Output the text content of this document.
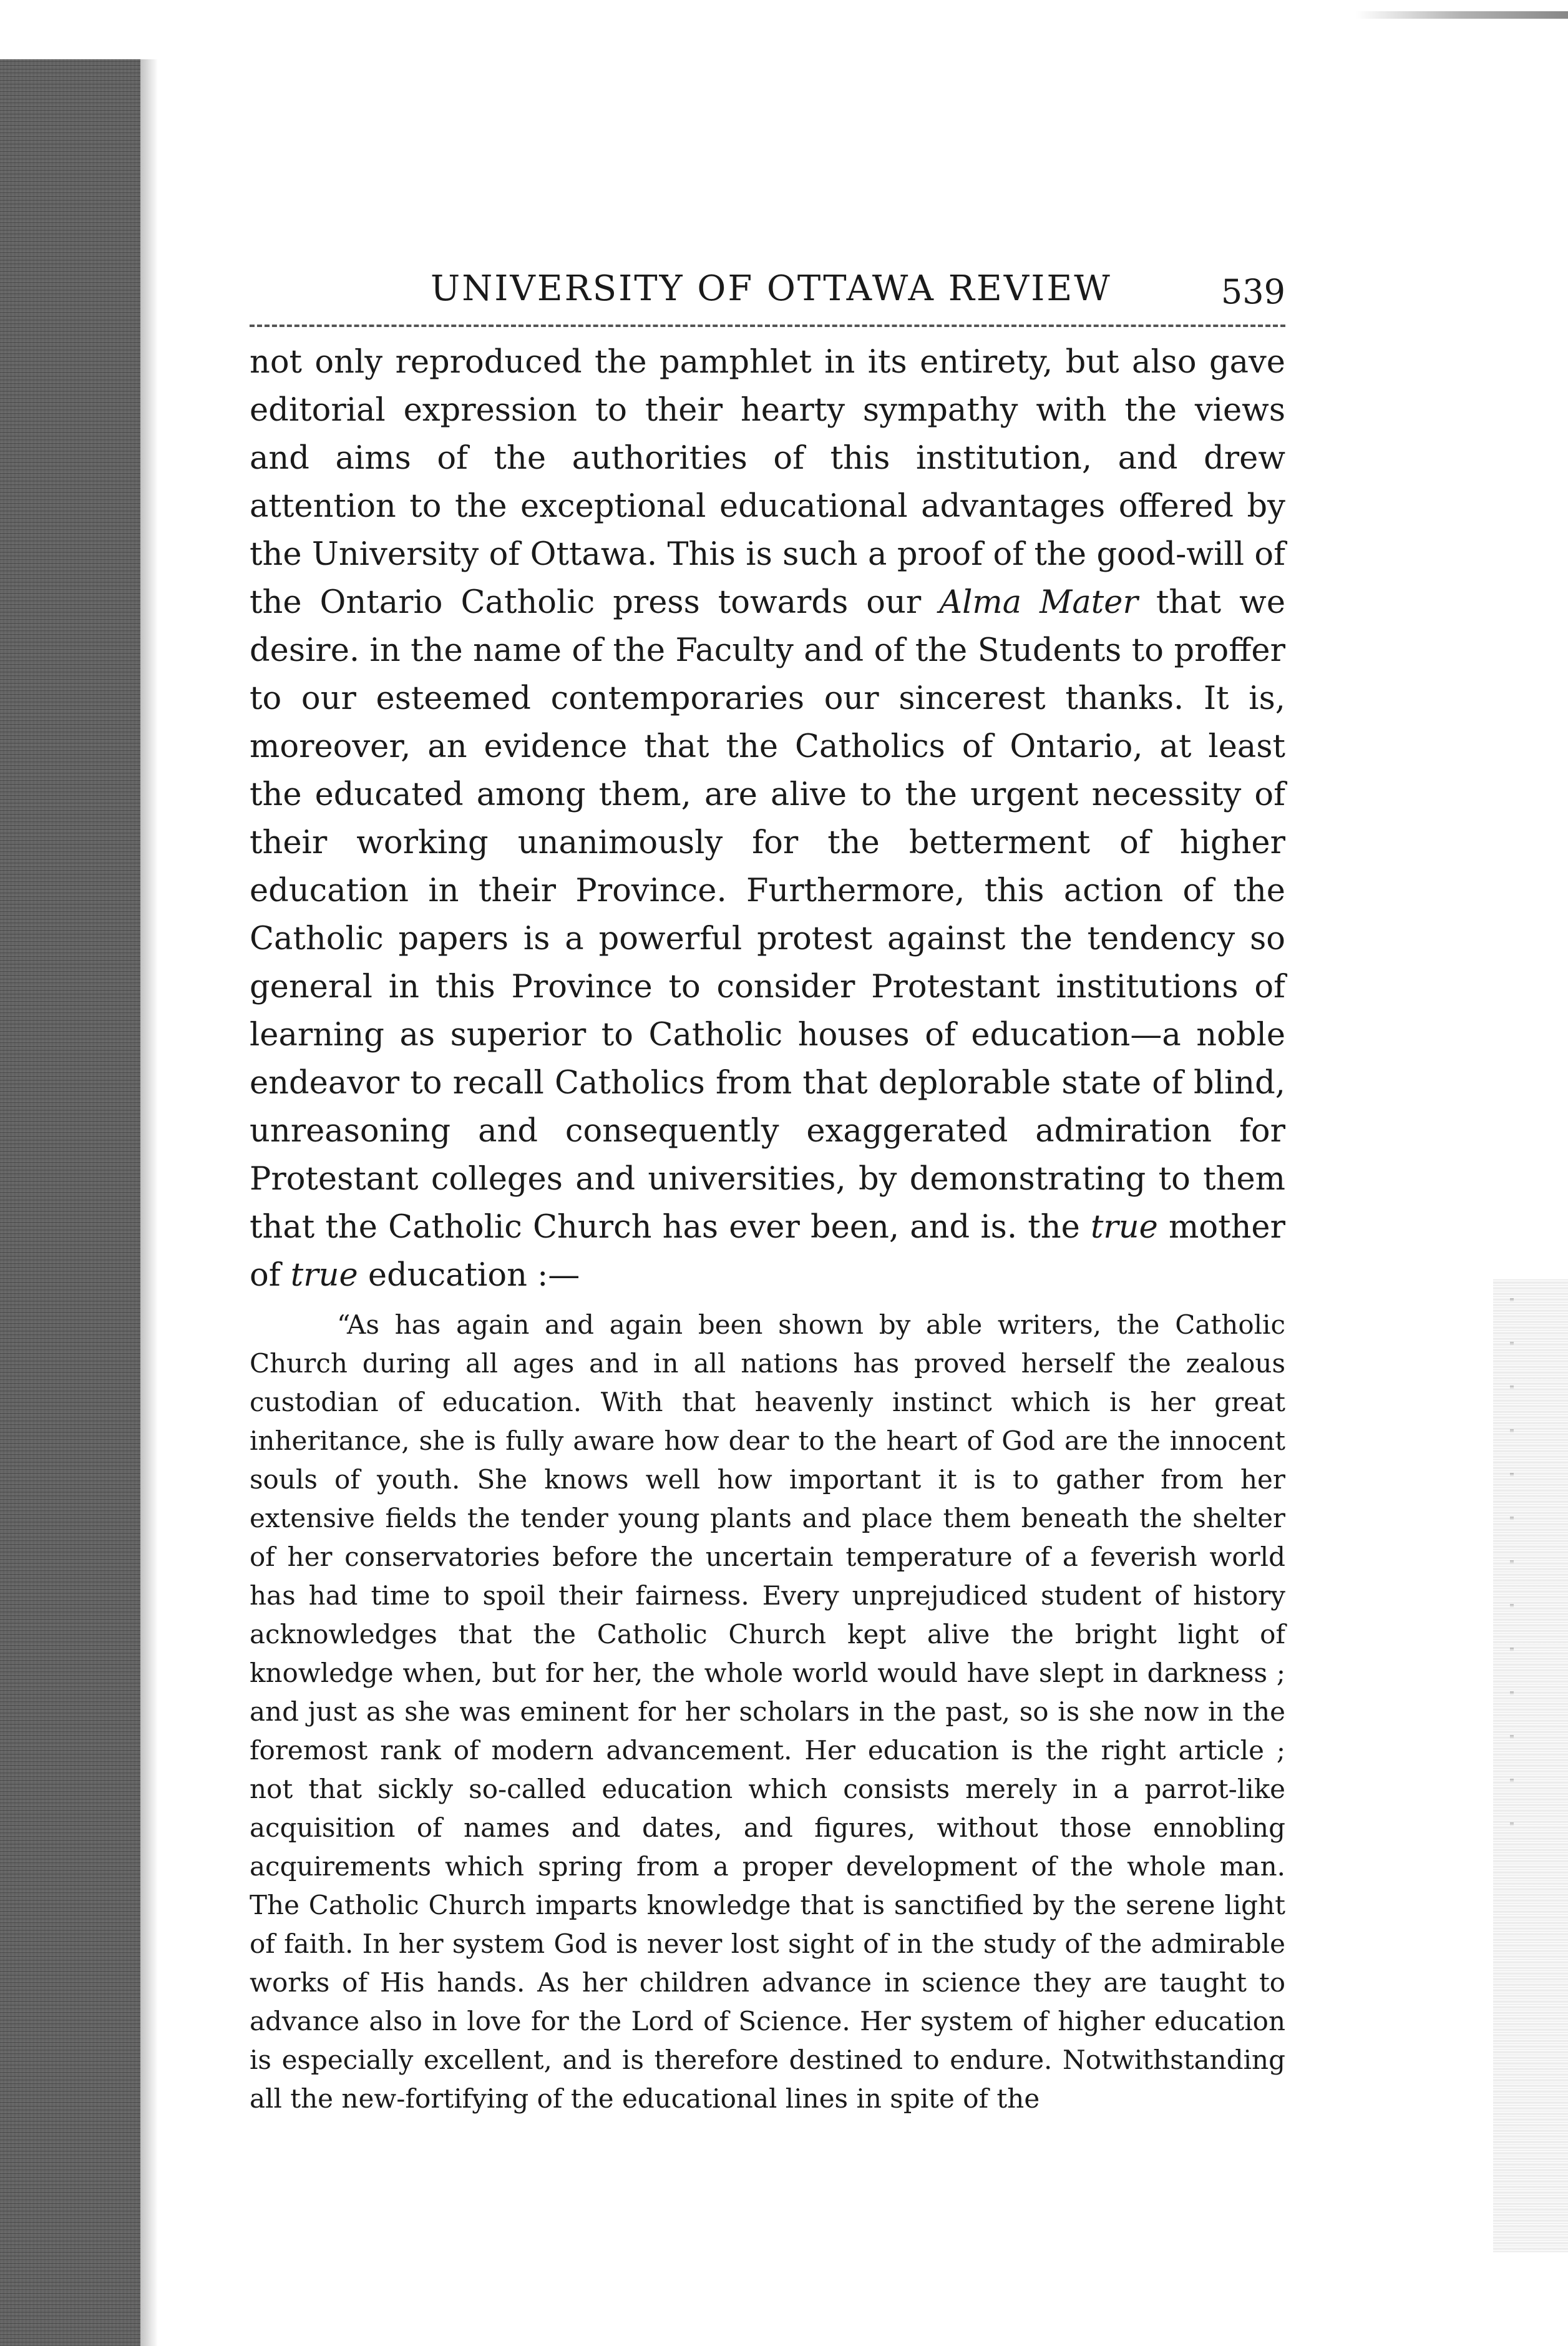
UNIVERSITY OF OTTAWA REVIEW	539

not only reproduced the pamphlet in its entirety, but also gave editorial expression to their hearty sympathy with the views and aims of the authorities of this institution, and drew attention to the exceptional educational advantages offered by the University of Ottawa. This is such a proof of the good-will of the Ontario Catholic press towards our Alma Mater that we desire. in the name of the Faculty and of the Students to proffer to our esteemed contemporaries our sincerest thanks. It is, moreover, an evidence that the Catholics of Ontario, at least the educated among them, are alive to the urgent necessity of their working unanimously for the betterment of higher education in their Province. Furthermore, this action of the Catholic papers is a powerful protest against the tendency so general in this Province to consider Protestant institutions of learning as superior to Catholic houses of education—a noble endeavor to recall Catholics from that deplorable state of blind, unreasoning and consequently exaggerated admiration for Protestant colleges and universities, by demonstrating to them that the Catholic Church has ever been, and is. the true mother of true education :—

“As has again and again been shown by able writers, the Catholic Church during all ages and in all nations has proved herself the zealous custodian of education. With that heavenly instinct which is her great inheritance, she is fully aware how dear to the heart of God are the innocent souls of youth. She knows well how important it is to gather from her extensive fields the tender young plants and place them beneath the shelter of her conservatories before the uncertain temperature of a feverish world has had time to spoil their fairness. Every unprejudiced student of history acknowledges that the Catholic Church kept alive the bright light of knowledge when, but for her, the whole world would have slept in darkness ; and just as she was eminent for her scholars in the past, so is she now in the foremost rank of modern advancement. Her education is the right article ; not that sickly so-called education which consists merely in a parrot-like acquisition of names and dates, and figures, without those ennobling acquirements which spring from a proper development of the whole man. The Catholic Church imparts knowledge that is sanctified by the serene light of faith. In her system God is never lost sight of in the study of the admirable works of His hands. As her children advance in science they are taught to advance also in love for the Lord of Science. Her system of higher education is especially excellent, and is therefore destined to endure. Notwithstanding all the new-fortifying of the educational lines in spite of the
